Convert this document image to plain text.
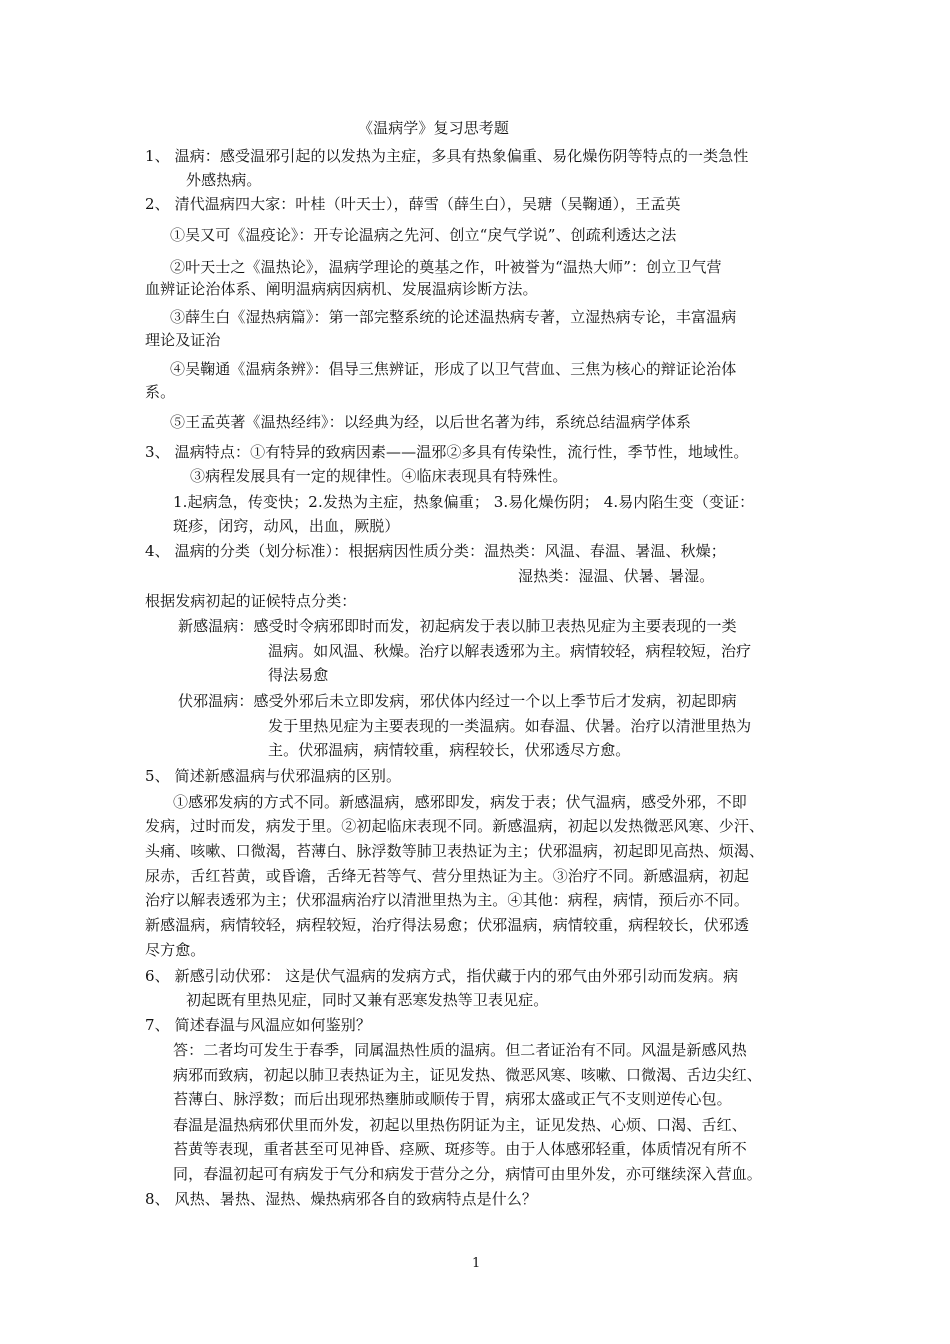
《温病学》复习思考题
1、 温病：感受温邪引起的以发热为主症，多具有热象偏重、易化燥伤阴等特点的一类急性
外感热病。
2、 清代温病四大家：叶桂（叶天士），薛雪（薛生白），吴瑭（吴鞠通），王孟英
①吴又可《温疫论》：开专论温病之先河、创立“戾气学说”、创疏利透达之法
②叶天士之《温热论》，温病学理论的奠基之作，叶被誉为“温热大师”：创立卫气营
血辨证论治体系、阐明温病病因病机、发展温病诊断方法。
③薛生白《湿热病篇》：第一部完整系统的论述温热病专著，立湿热病专论，丰富温病
理论及证治
④吴鞠通《温病条辨》：倡导三焦辨证，形成了以卫气营血、三焦为核心的辩证论治体
系。
⑤王孟英著《温热经纬》：以经典为经，以后世名著为纬，系统总结温病学体系
3、 温病特点：①有特异的致病因素——温邪②多具有传染性，流行性，季节性，地域性。
③病程发展具有一定的规律性。④临床表现具有特殊性。
1.起病急，传变快；2.发热为主症，热象偏重； 3.易化燥伤阴； 4.易内陷生变（变证：
斑疹，闭窍，动风，出血，厥脱）
4、 温病的分类（划分标准）：根据病因性质分类：温热类：风温、春温、暑温、秋燥；
湿热类：湿温、伏暑、暑湿。
根据发病初起的证候特点分类：
新感温病：感受时令病邪即时而发，初起病发于表以肺卫表热见症为主要表现的一类
温病。如风温、秋燥。治疗以解表透邪为主。病情较轻，病程较短，治疗
得法易愈
伏邪温病：感受外邪后未立即发病，邪伏体内经过一个以上季节后才发病，初起即病
发于里热见症为主要表现的一类温病。如春温、伏暑。治疗以清泄里热为
主。伏邪温病，病情较重，病程较长，伏邪透尽方愈。
5、 简述新感温病与伏邪温病的区别。
①感邪发病的方式不同。新感温病，感邪即发，病发于表；伏气温病，感受外邪，不即
发病，过时而发，病发于里。②初起临床表现不同。新感温病，初起以发热微恶风寒、少汗、
头痛、咳嗽、口微渴，苔薄白、脉浮数等肺卫表热证为主；伏邪温病，初起即见高热、烦渴、
尿赤，舌红苔黄，或昏谵，舌绛无苔等气、营分里热证为主。③治疗不同。新感温病，初起
治疗以解表透邪为主；伏邪温病治疗以清泄里热为主。④其他：病程，病情，预后亦不同。
新感温病，病情较轻，病程较短，治疗得法易愈；伏邪温病，病情较重，病程较长，伏邪透
尽方愈。
6、 新感引动伏邪： 这是伏气温病的发病方式，指伏藏于内的邪气由外邪引动而发病。病
初起既有里热见症，同时又兼有恶寒发热等卫表见症。
7、 简述春温与风温应如何鉴别？
答：二者均可发生于春季，同属温热性质的温病。但二者证治有不同。风温是新感风热
病邪而致病，初起以肺卫表热证为主，证见发热、微恶风寒、咳嗽、口微渴、舌边尖红、
苔薄白、脉浮数；而后出现邪热壅肺或顺传于胃，病邪太盛或正气不支则逆传心包。
春温是温热病邪伏里而外发，初起以里热伤阴证为主，证见发热、心烦、口渴、舌红、
苔黄等表现，重者甚至可见神昏、痉厥、斑疹等。由于人体感邪轻重，体质情况有所不
同，春温初起可有病发于气分和病发于营分之分，病情可由里外发，亦可继续深入营血。
8、 风热、暑热、湿热、燥热病邪各自的致病特点是什么？
1
